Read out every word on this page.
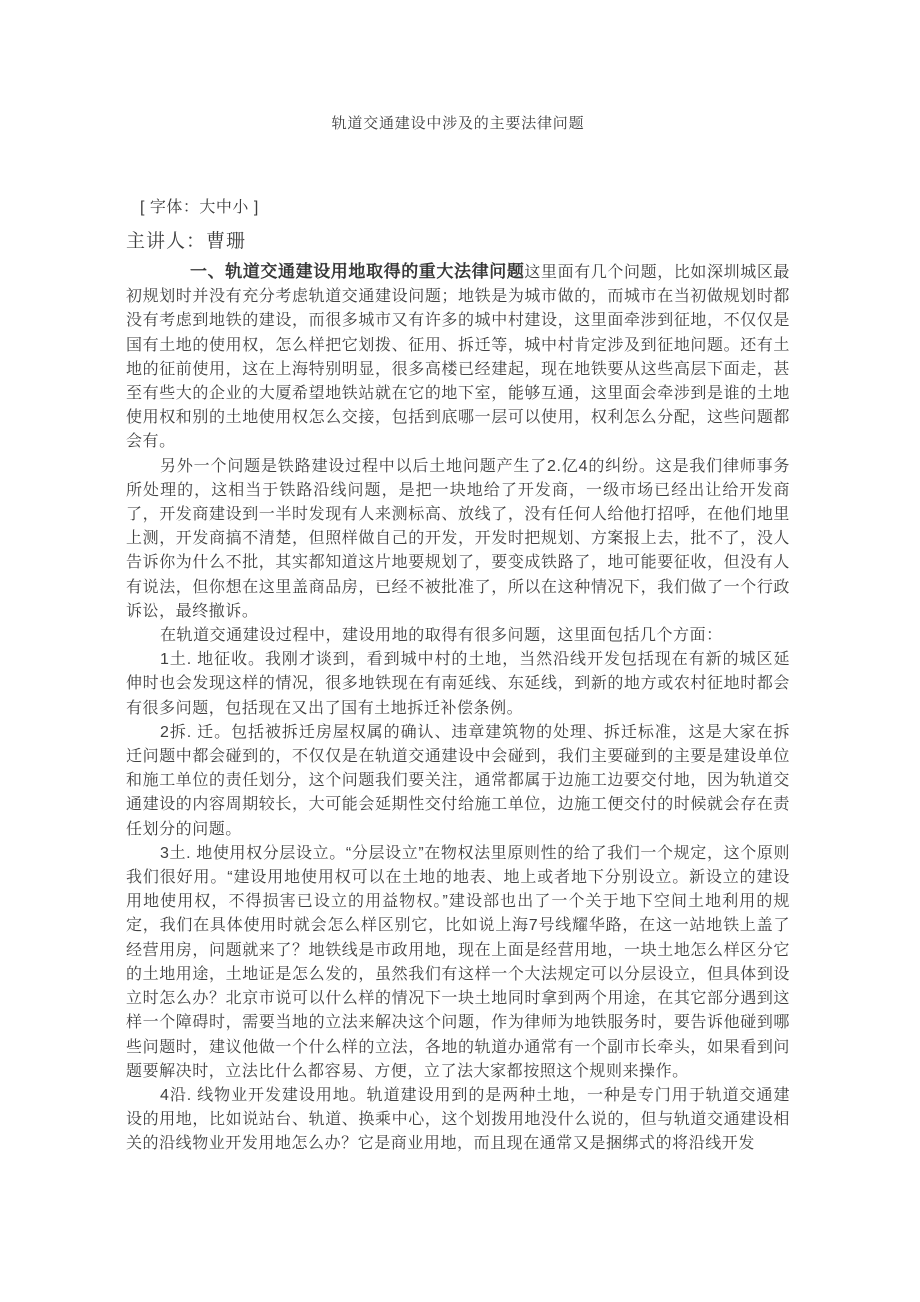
轨道交通建设中涉及的主要法律问题
[ 字体：大中小 ]
主讲人：曹珊

一、轨道交通建设用地取得的重大法律问题这里面有几个问题，比如深圳城区最初规划时并没有充分考虑轨道交通建设问题；地铁是为城市做的，而城市在当初做规划时都没有考虑到地铁的建设，而很多城市又有许多的城中村建设，这里面牵涉到征地，不仅仅是国有土地的使用权，怎么样把它划拨、征用、拆迁等，城中村肯定涉及到征地问题。还有土地的征前使用，这在上海特别明显，很多高楼已经建起，现在地铁要从这些高层下面走，甚至有些大的企业的大厦希望地铁站就在它的地下室，能够互通，这里面会牵涉到是谁的土地使用权和别的土地使用权怎么交接，包括到底哪一层可以使用，权利怎么分配，这些问题都会有。

另外一个问题是铁路建设过程中以后土地问题产生了2.亿4的纠纷。这是我们律师事务所处理的，这相当于铁路沿线问题，是把一块地给了开发商，一级市场已经出让给开发商了，开发商建设到一半时发现有人来测标高、放线了，没有任何人给他打招呼，在他们地里上测，开发商搞不清楚，但照样做自己的开发，开发时把规划、方案报上去，批不了，没人告诉你为什么不批，其实都知道这片地要规划了，要变成铁路了，地可能要征收，但没有人有说法，但你想在这里盖商品房，已经不被批准了，所以在这种情况下，我们做了一个行政诉讼，最终撤诉。

在轨道交通建设过程中，建设用地的取得有很多问题，这里面包括几个方面：

1土. 地征收。我刚才谈到，看到城中村的土地，当然沿线开发包括现在有新的城区延伸时也会发现这样的情况，很多地铁现在有南延线、东延线，到新的地方或农村征地时都会有很多问题，包括现在又出了国有土地拆迁补偿条例。

2拆. 迁。包括被拆迁房屋权属的确认、违章建筑物的处理、拆迁标准，这是大家在拆迁问题中都会碰到的，不仅仅是在轨道交通建设中会碰到，我们主要碰到的主要是建设单位和施工单位的责任划分，这个问题我们要关注，通常都属于边施工边要交付地，因为轨道交通建设的内容周期较长，大可能会延期性交付给施工单位，边施工便交付的时候就会存在责任划分的问题。

3土. 地使用权分层设立。“分层设立”在物权法里原则性的给了我们一个规定，这个原则我们很好用。“建设用地使用权可以在土地的地表、地上或者地下分别设立。新设立的建设用地使用权，不得损害已设立的用益物权。”建设部也出了一个关于地下空间土地利用的规定，我们在具体使用时就会怎么样区别它，比如说上海7号线耀华路，在这一站地铁上盖了经营用房，问题就来了？地铁线是市政用地，现在上面是经营用地，一块土地怎么样区分它的土地用途，土地证是怎么发的，虽然我们有这样一个大法规定可以分层设立，但具体到设立时怎么办？北京市说可以什么样的情况下一块土地同时拿到两个用途，在其它部分遇到这样一个障碍时，需要当地的立法来解决这个问题，作为律师为地铁服务时，要告诉他碰到哪些问题时，建议他做一个什么样的立法，各地的轨道办通常有一个副市长牵头，如果看到问题要解决时，立法比什么都容易、方便，立了法大家都按照这个规则来操作。

4沿. 线物业开发建设用地。轨道建设用到的是两种土地，一种是专门用于轨道交通建设的用地，比如说站台、轨道、换乘中心，这个划拨用地没什么说的，但与轨道交通建设相关的沿线物业开发用地怎么办？它是商业用地，而且现在通常又是捆绑式的将沿线开发
